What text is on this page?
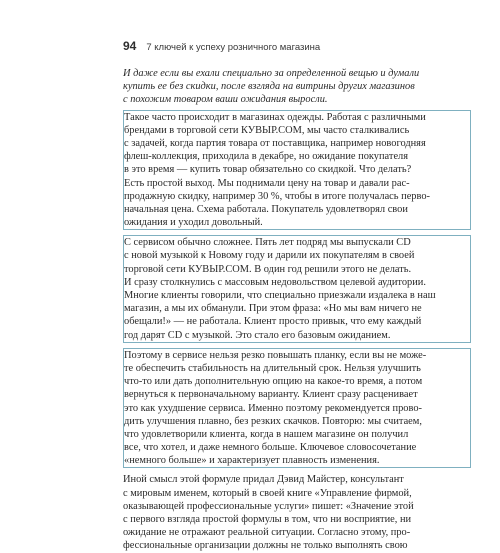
94 7 ключей к успеху розничного магазина
И даже если вы ехали специально за определенной вещью и думали
купить ее без скидки, после взгляда на витрины других магазинов
с похожим товаром ваши ожидания выросли.
Такое часто происходит в магазинах одежды. Работая с различными
брендами в торговой сети КУВЫР.COM, мы часто сталкивались
с задачей, когда партия товара от поставщика, например новогодняя
флеш-коллекция, приходила в декабре, но ожидание покупателя
в это время — купить товар обязательно со скидкой. Что делать?
Есть простой выход. Мы поднимали цену на товар и давали рас-
продажную скидку, например 30 %, чтобы в итоге получалась перво-
начальная цена. Схема работала. Покупатель удовлетворял свои
ожидания и уходил довольный.
С сервисом обычно сложнее. Пять лет подряд мы выпускали CD
с новой музыкой к Новому году и дарили их покупателям в своей
торговой сети КУВЫР.COM. В один год решили этого не делать.
И сразу столкнулись с массовым недовольством целевой аудитории.
Многие клиенты говорили, что специально приезжали издалека в наш
магазин, а мы их обманули. При этом фраза: «Но мы вам ничего не
обещали!» — не работала. Клиент просто привык, что ему каждый
год дарят CD с музыкой. Это стало его базовым ожиданием.
Поэтому в сервисе нельзя резко повышать планку, если вы не може-
те обеспечить стабильность на длительный срок. Нельзя улучшить
что-то или дать дополнительную опцию на какое-то время, а потом
вернуться к первоначальному варианту. Клиент сразу расценивает
это как ухудшение сервиса. Именно поэтому рекомендуется прово-
дить улучшения плавно, без резких скачков. Повторю: мы считаем,
что удовлетворили клиента, когда в нашем магазине он получил
все, что хотел, и даже немного больше. Ключевое словосочетание
«немного больше» и характеризует плавность изменения.
Иной смысл этой формуле придал Дэвид Майстер, консультант
с мировым именем, который в своей книге «Управление фирмой,
оказывающей профессиональные услуги» пишет: «Значение этой
с первого взгляда простой формулы в том, что ни восприятие, ни
ожидание не отражают реальной ситуации. Согласно этому, про-
фессиональные организации должны не только выполнять свою
